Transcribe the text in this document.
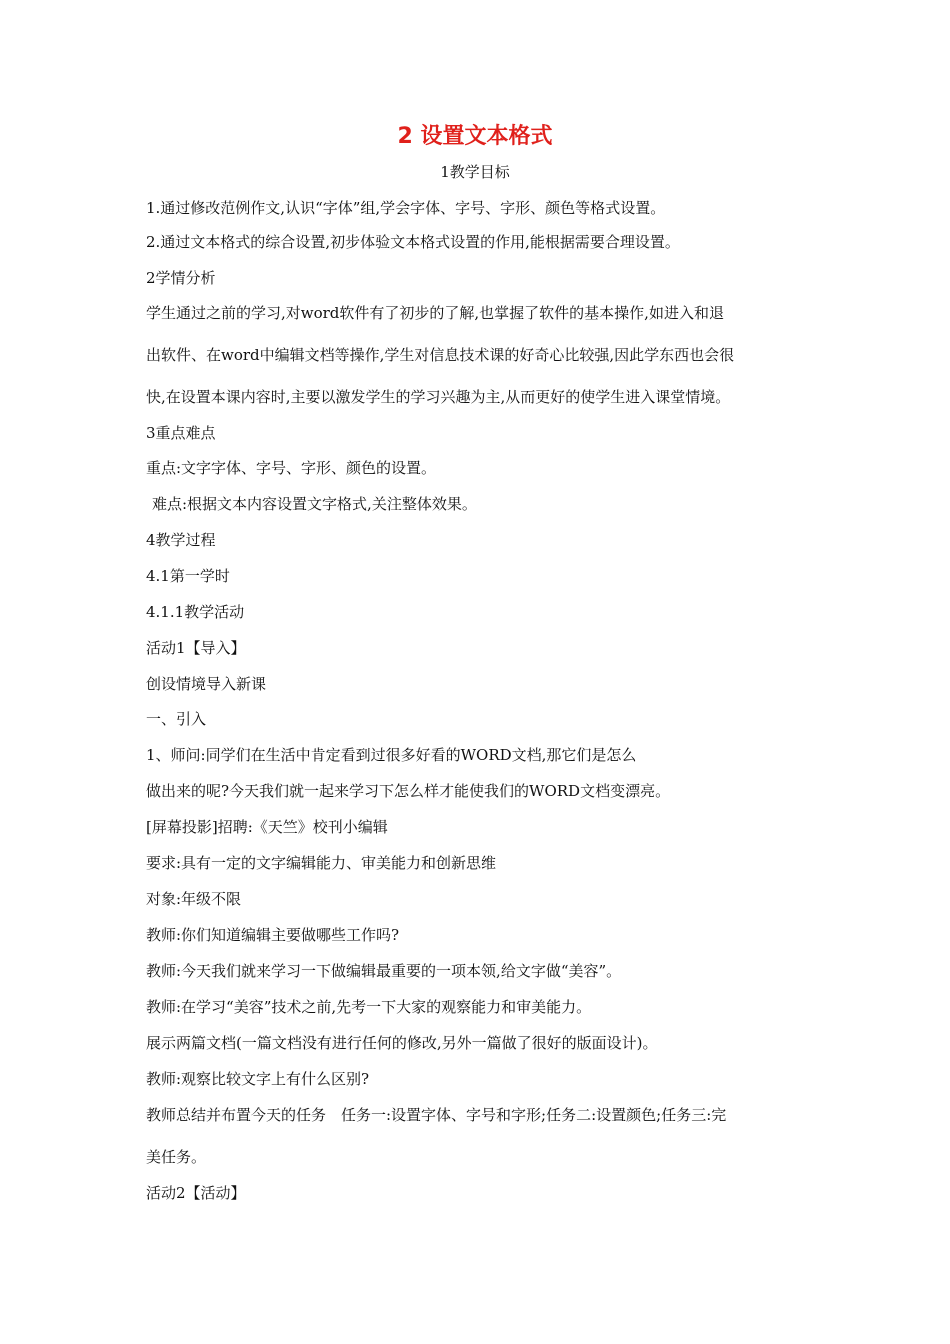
2 设置文本格式
1教学目标
1.通过修改范例作文,认识“字体”组,学会字体、字号、字形、颜色等格式设置。
2.通过文本格式的综合设置,初步体验文本格式设置的作用,能根据需要合理设置。
2学情分析
学生通过之前的学习,对word软件有了初步的了解,也掌握了软件的基本操作,如进入和退
出软件、在word中编辑文档等操作,学生对信息技术课的好奇心比较强,因此学东西也会很
快,在设置本课内容时,主要以激发学生的学习兴趣为主,从而更好的使学生进入课堂情境。
3重点难点
重点:文字字体、字号、字形、颜色的设置。
难点:根据文本内容设置文字格式,关注整体效果。
4教学过程
4.1第一学时
4.1.1教学活动
活动1【导入】
创设情境导入新课
一、引入
1、师问:同学们在生活中肯定看到过很多好看的WORD文档,那它们是怎么
做出来的呢?今天我们就一起来学习下怎么样才能使我们的WORD文档变漂亮。
[屏幕投影]招聘:《天竺》校刊小编辑
要求:具有一定的文字编辑能力、审美能力和创新思维
对象:年级不限
教师:你们知道编辑主要做哪些工作吗?
教师:今天我们就来学习一下做编辑最重要的一项本领,给文字做“美容”。
教师:在学习“美容”技术之前,先考一下大家的观察能力和审美能力。
展示两篇文档(一篇文档没有进行任何的修改,另外一篇做了很好的版面设计)。
教师:观察比较文字上有什么区别?
教师总结并布置今天的任务　任务一:设置字体、字号和字形;任务二:设置颜色;任务三:完
美任务。
活动2【活动】
